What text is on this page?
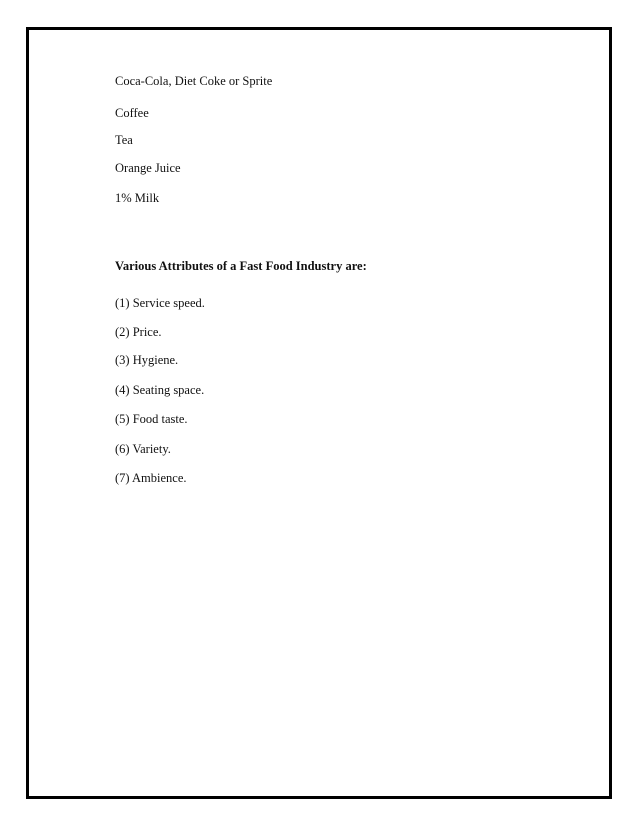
Coca-Cola, Diet Coke or Sprite
Coffee
Tea
Orange Juice
1% Milk
Various Attributes of a Fast Food Industry are:
(1) Service speed.
(2) Price.
(3) Hygiene.
(4) Seating space.
(5) Food taste.
(6) Variety.
(7) Ambience.
